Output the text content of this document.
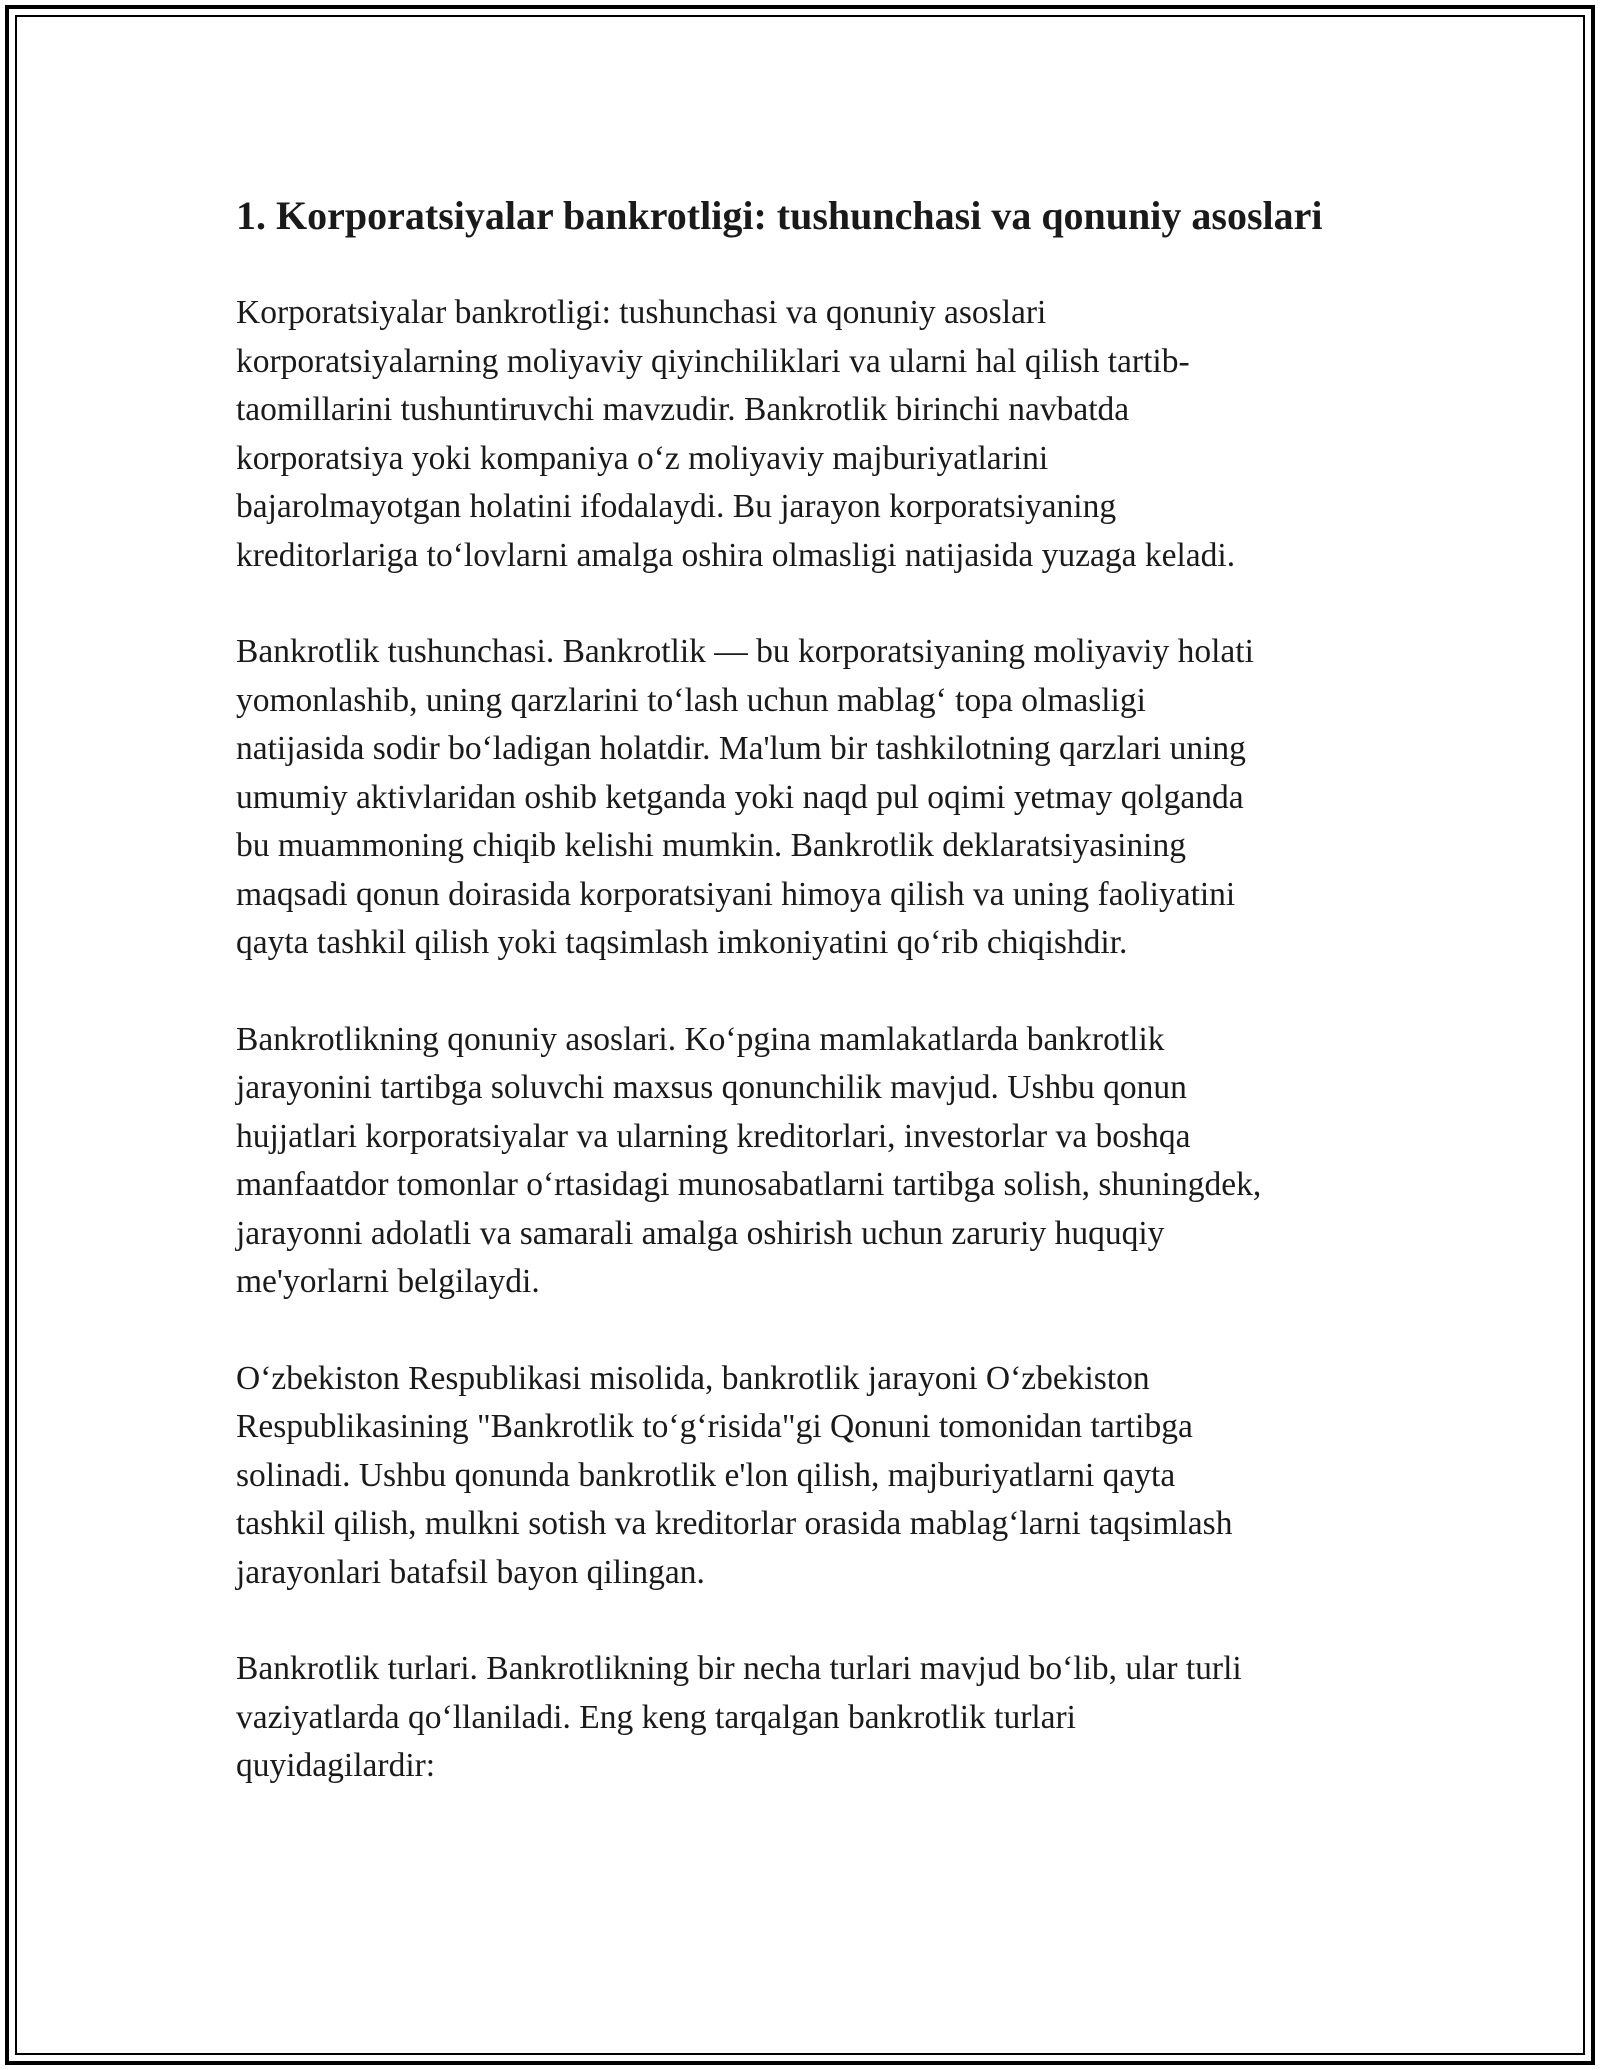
1. Korporatsiyalar bankrotligi: tushunchasi va qonuniy asoslari

Korporatsiyalar bankrotligi: tushunchasi va qonuniy asoslari
korporatsiyalarning moliyaviy qiyinchiliklari va ularni hal qilish tartib-
taomillarini tushuntiruvchi mavzudir. Bankrotlik birinchi navbatda
korporatsiya yoki kompaniya o‘z moliyaviy majburiyatlarini
bajarolmayotgan holatini ifodalaydi. Bu jarayon korporatsiyaning
kreditorlariga to‘lovlarni amalga oshira olmasligi natijasida yuzaga keladi.

Bankrotlik tushunchasi. Bankrotlik — bu korporatsiyaning moliyaviy holati
yomonlashib, uning qarzlarini to‘lash uchun mablag‘ topa olmasligi
natijasida sodir bo‘ladigan holatdir. Ma'lum bir tashkilotning qarzlari uning
umumiy aktivlaridan oshib ketganda yoki naqd pul oqimi yetmay qolganda
bu muammoning chiqib kelishi mumkin. Bankrotlik deklaratsiyasining
maqsadi qonun doirasida korporatsiyani himoya qilish va uning faoliyatini
qayta tashkil qilish yoki taqsimlash imkoniyatini qo‘rib chiqishdir.

Bankrotlikning qonuniy asoslari. Ko‘pgina mamlakatlarda bankrotlik
jarayonini tartibga soluvchi maxsus qonunchilik mavjud. Ushbu qonun
hujjatlari korporatsiyalar va ularning kreditorlari, investorlar va boshqa
manfaatdor tomonlar o‘rtasidagi munosabatlarni tartibga solish, shuningdek,
jarayonni adolatli va samarali amalga oshirish uchun zaruriy huquqiy
me'yorlarni belgilaydi.

O‘zbekiston Respublikasi misolida, bankrotlik jarayoni O‘zbekiston
Respublikasining "Bankrotlik to‘g‘risida"gi Qonuni tomonidan tartibga
solinadi. Ushbu qonunda bankrotlik e'lon qilish, majburiyatlarni qayta
tashkil qilish, mulkni sotish va kreditorlar orasida mablag‘larni taqsimlash
jarayonlari batafsil bayon qilingan.

Bankrotlik turlari. Bankrotlikning bir necha turlari mavjud bo‘lib, ular turli
vaziyatlarda qo‘llaniladi. Eng keng tarqalgan bankrotlik turlari
quyidagilardir:
